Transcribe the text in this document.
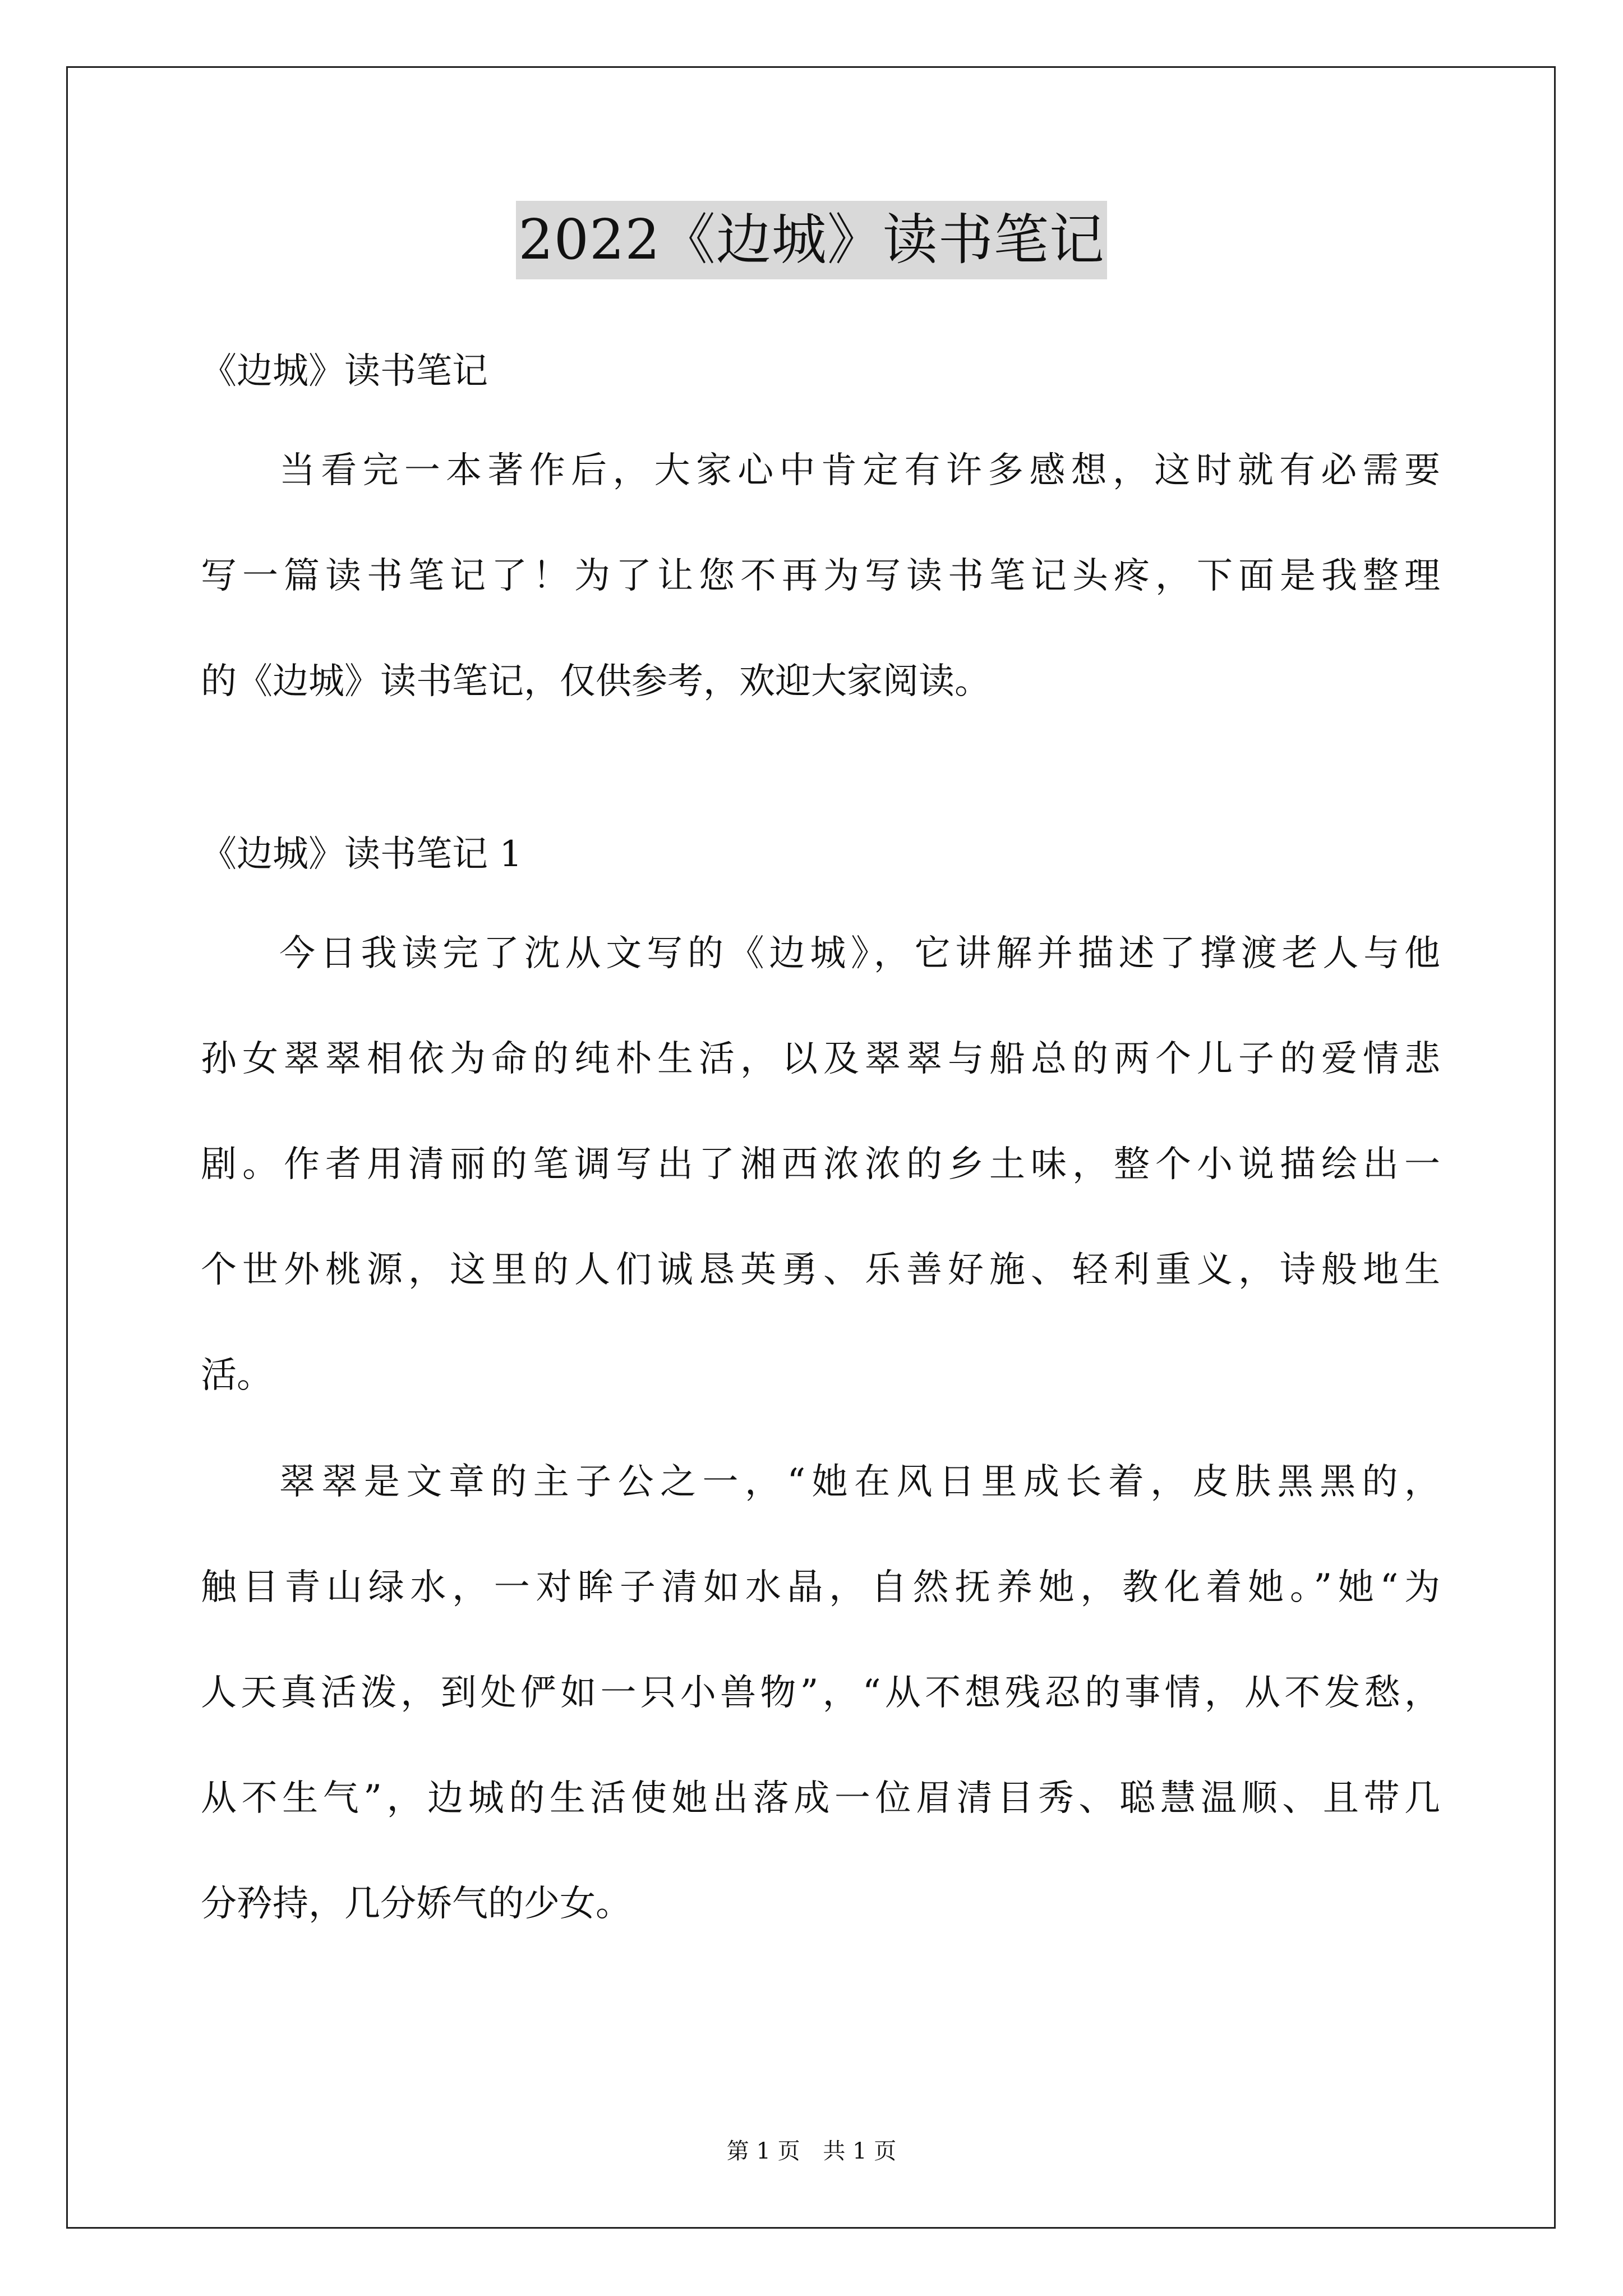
2022《边城》读书笔记
《边城》读书笔记
当看完一本著作后，大家心中肯定有许多感想，这时就有必需要
写一篇读书笔记了！为了让您不再为写读书笔记头疼，下面是我整理
的《边城》读书笔记，仅供参考，欢迎大家阅读。
《边城》读书笔记 1
今日我读完了沈从文写的《边城》，它讲解并描述了撑渡老人与他
孙女翠翠相依为命的纯朴生活，以及翠翠与船总的两个儿子的爱情悲
剧。作者用清丽的笔调写出了湘西浓浓的乡土味，整个小说描绘出一
个世外桃源，这里的人们诚恳英勇、乐善好施、轻利重义，诗般地生
活。
翠翠是文章的主子公之一，“她在风日里成长着，皮肤黑黑的，
触目青山绿水，一对眸子清如水晶，自然抚养她，教化着她。”她“为
人天真活泼，到处俨如一只小兽物”，“从不想残忍的事情，从不发愁，
从不生气”，边城的生活使她出落成一位眉清目秀、聪慧温顺、且带几
分矜持，几分娇气的少女。
第 1 页 共 1 页
